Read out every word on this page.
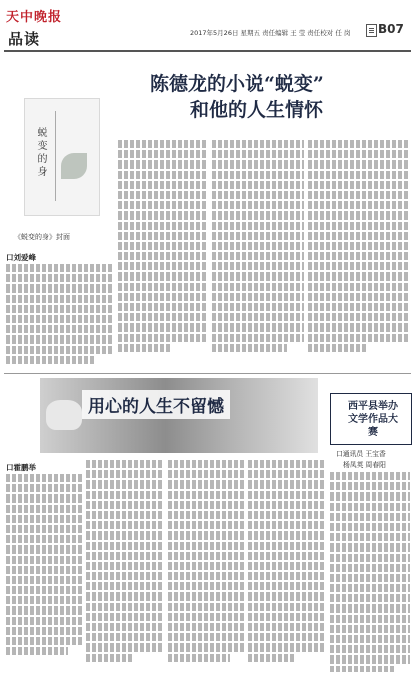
天中晚报
品读	2017年5月26日 星期五 责任编辑 王 莹 责任校对 任 岗 B07
蜕变的身
《蜕变的身》封面
陈德龙的小说“蜕变”
和他的人生情怀
口刘爱峰
用心的人生不留憾
口霍鹏举
西平县举办文学作品大赛
口通讯员 王宝香
杨凤英 周春阳
